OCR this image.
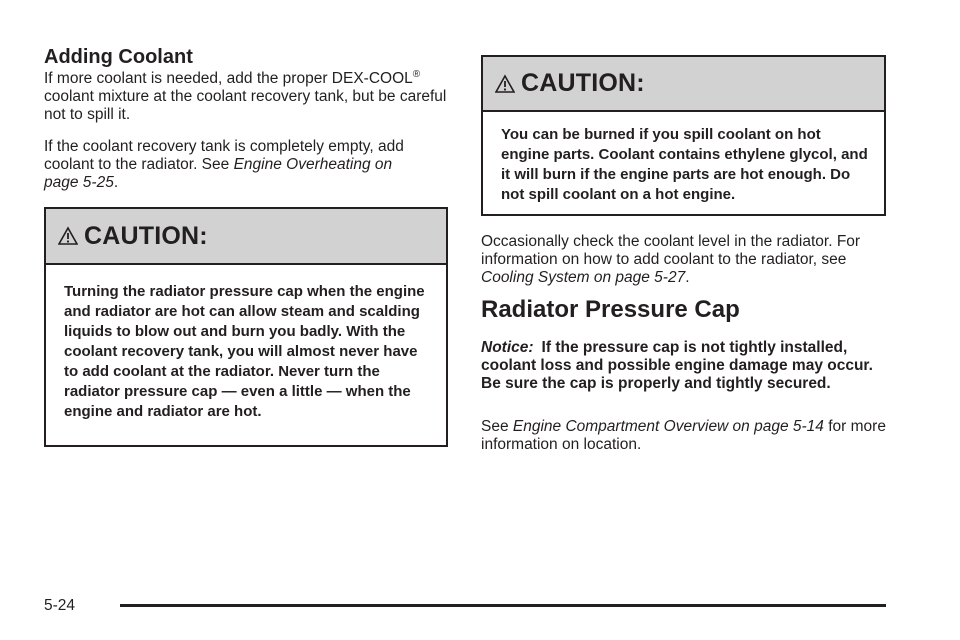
Adding Coolant

If more coolant is needed, add the proper DEX-COOL® coolant mixture at the coolant recovery tank, but be careful not to spill it.

If the coolant recovery tank is completely empty, add coolant to the radiator. See Engine Overheating on page 5-25.

CAUTION:
Turning the radiator pressure cap when the engine and radiator are hot can allow steam and scalding liquids to blow out and burn you badly. With the coolant recovery tank, you will almost never have to add coolant at the radiator. Never turn the radiator pressure cap — even a little — when the engine and radiator are hot.
CAUTION:
You can be burned if you spill coolant on hot engine parts. Coolant contains ethylene glycol, and it will burn if the engine parts are hot enough. Do not spill coolant on a hot engine.

Occasionally check the coolant level in the radiator. For information on how to add coolant to the radiator, see Cooling System on page 5-27.

Radiator Pressure Cap

Notice: If the pressure cap is not tightly installed, coolant loss and possible engine damage may occur. Be sure the cap is properly and tightly secured.

See Engine Compartment Overview on page 5-14 for more information on location.

5-24
